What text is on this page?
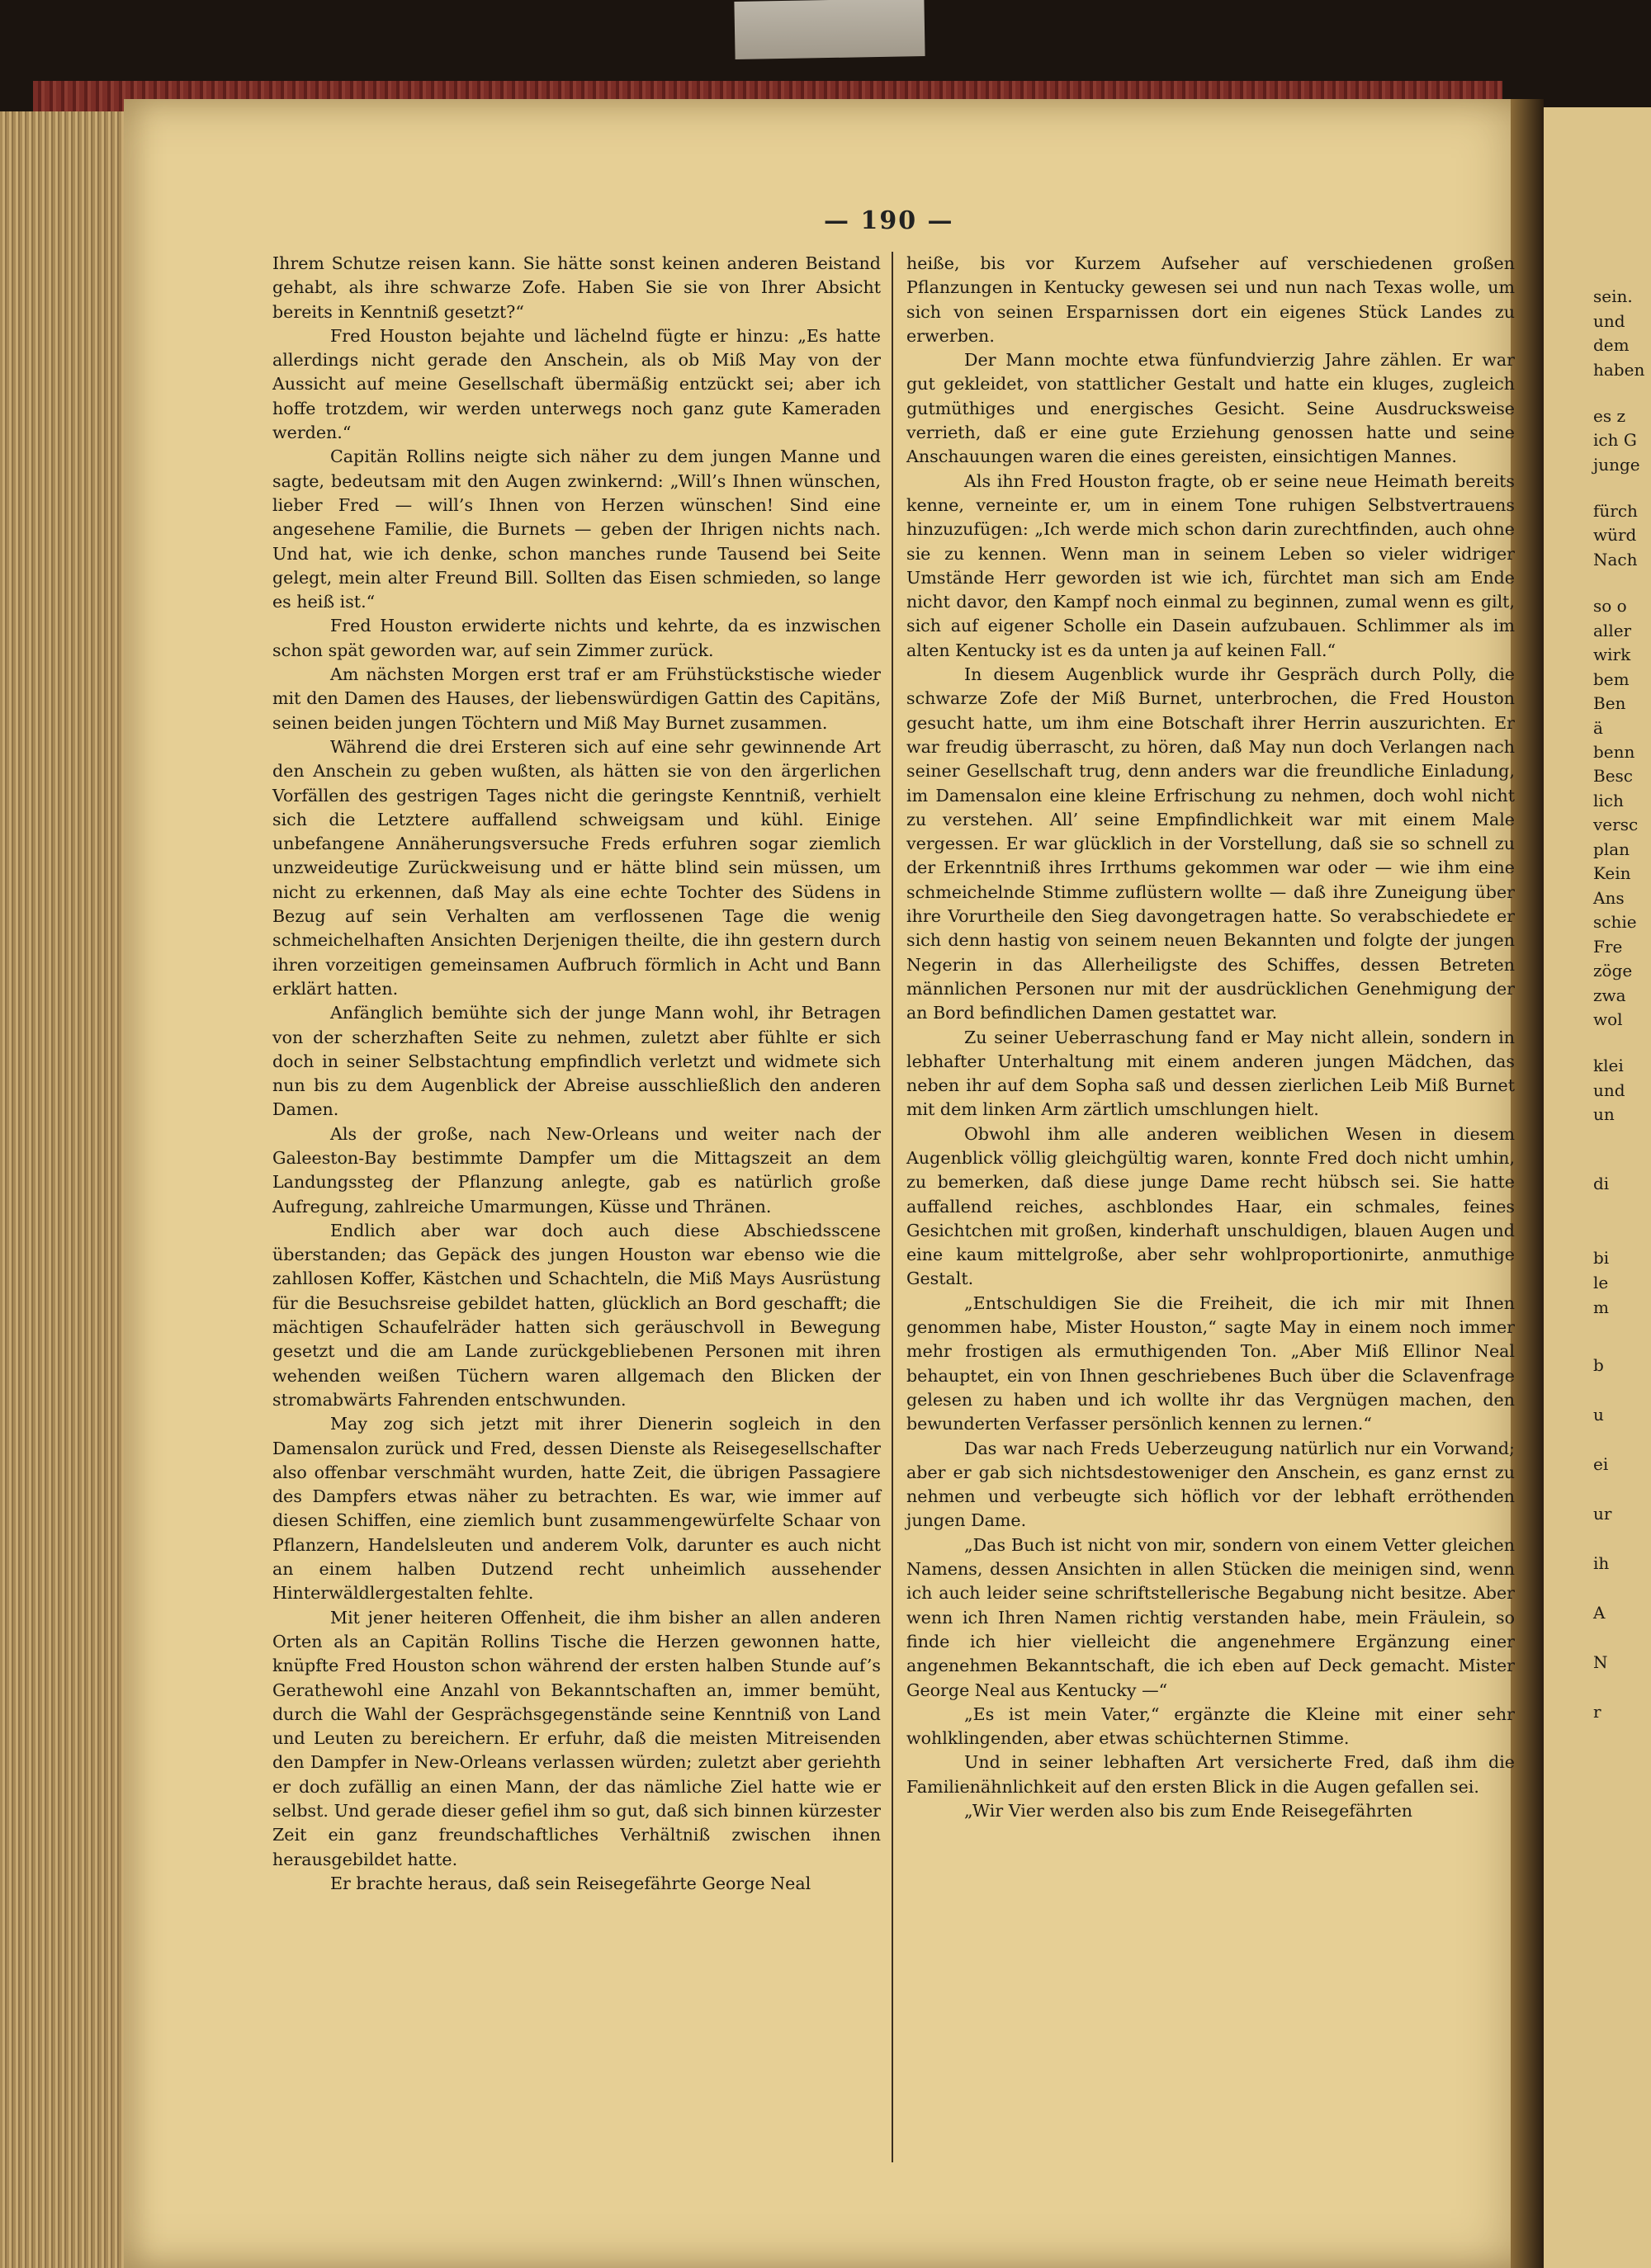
— 190 —

Ihrem Schutze reisen kann. Sie hätte sonst keinen anderen Beistand gehabt, als ihre schwarze Zofe. Haben Sie sie von Ihrer Absicht bereits in Kenntniß gesetzt?“

Fred Houston bejahte und lächelnd fügte er hinzu: „Es hatte allerdings nicht gerade den Anschein, als ob Miß May von der Aussicht auf meine Gesellschaft übermäßig entzückt sei; aber ich hoffe trotzdem, wir werden unterwegs noch ganz gute Kameraden werden.“

Capitän Rollins neigte sich näher zu dem jungen Manne und sagte, bedeutsam mit den Augen zwinkernd: „Will’s Ihnen wünschen, lieber Fred — will’s Ihnen von Herzen wünschen! Sind eine angesehene Familie, die Burnets — geben der Ihrigen nichts nach. Und hat, wie ich denke, schon manches runde Tausend bei Seite gelegt, mein alter Freund Bill. Sollten das Eisen schmieden, so lange es heiß ist.“

Fred Houston erwiderte nichts und kehrte, da es inzwischen schon spät geworden war, auf sein Zimmer zurück.

Am nächsten Morgen erst traf er am Frühstückstische wieder mit den Damen des Hauses, der liebenswürdigen Gattin des Capitäns, seinen beiden jungen Töchtern und Miß May Burnet zusammen.

Während die drei Ersteren sich auf eine sehr gewinnende Art den Anschein zu geben wußten, als hätten sie von den ärgerlichen Vorfällen des gestrigen Tages nicht die geringste Kenntniß, verhielt sich die Letztere auffallend schweigsam und kühl. Einige unbefangene Annäherungsversuche Freds erfuhren sogar ziemlich unzweideutige Zurückweisung und er hätte blind sein müssen, um nicht zu erkennen, daß May als eine echte Tochter des Südens in Bezug auf sein Verhalten am verflossenen Tage die wenig schmeichelhaften Ansichten Derjenigen theilte, die ihn gestern durch ihren vorzeitigen gemeinsamen Aufbruch förmlich in Acht und Bann erklärt hatten.

Anfänglich bemühte sich der junge Mann wohl, ihr Betragen von der scherzhaften Seite zu nehmen, zuletzt aber fühlte er sich doch in seiner Selbstachtung empfindlich verletzt und widmete sich nun bis zu dem Augenblick der Abreise ausschließlich den anderen Damen.

Als der große, nach New-Orleans und weiter nach der Galeeston-Bay bestimmte Dampfer um die Mittagszeit an dem Landungssteg der Pflanzung anlegte, gab es natürlich große Aufregung, zahlreiche Umarmungen, Küsse und Thränen.

Endlich aber war doch auch diese Abschiedsscene überstanden; das Gepäck des jungen Houston war ebenso wie die zahllosen Koffer, Kästchen und Schachteln, die Miß Mays Ausrüstung für die Besuchsreise gebildet hatten, glücklich an Bord geschafft; die mächtigen Schaufelräder hatten sich geräuschvoll in Bewegung gesetzt und die am Lande zurückgebliebenen Personen mit ihren wehenden weißen Tüchern waren allgemach den Blicken der stromabwärts Fahrenden entschwunden.

May zog sich jetzt mit ihrer Dienerin sogleich in den Damensalon zurück und Fred, dessen Dienste als Reisegesellschafter also offenbar verschmäht wurden, hatte Zeit, die übrigen Passagiere des Dampfers etwas näher zu betrachten. Es war, wie immer auf diesen Schiffen, eine ziemlich bunt zusammengewürfelte Schaar von Pflanzern, Handelsleuten und anderem Volk, darunter es auch nicht an einem halben Dutzend recht unheimlich aussehender Hinterwäldlergestalten fehlte.

Mit jener heiteren Offenheit, die ihm bisher an allen anderen Orten als an Capitän Rollins Tische die Herzen gewonnen hatte, knüpfte Fred Houston schon während der ersten halben Stunde auf’s Gerathewohl eine Anzahl von Bekanntschaften an, immer bemüht, durch die Wahl der Gesprächsgegenstände seine Kenntniß von Land und Leuten zu bereichern. Er erfuhr, daß die meisten Mitreisenden den Dampfer in New-Orleans verlassen würden; zuletzt aber geriehth er doch zufällig an einen Mann, der das nämliche Ziel hatte wie er selbst. Und gerade dieser gefiel ihm so gut, daß sich binnen kürzester Zeit ein ganz freundschaftliches Verhältniß zwischen ihnen herausgebildet hatte.

Er brachte heraus, daß sein Reisegefährte George Neal

heiße, bis vor Kurzem Aufseher auf verschiedenen großen Pflanzungen in Kentucky gewesen sei und nun nach Texas wolle, um sich von seinen Ersparnissen dort ein eigenes Stück Landes zu erwerben.

Der Mann mochte etwa fünfundvierzig Jahre zählen. Er war gut gekleidet, von stattlicher Gestalt und hatte ein kluges, zugleich gutmüthiges und energisches Gesicht. Seine Ausdrucksweise verrieth, daß er eine gute Erziehung genossen hatte und seine Anschauungen waren die eines gereisten, einsichtigen Mannes.

Als ihn Fred Houston fragte, ob er seine neue Heimath bereits kenne, verneinte er, um in einem Tone ruhigen Selbstvertrauens hinzuzufügen: „Ich werde mich schon darin zurechtfinden, auch ohne sie zu kennen. Wenn man in seinem Leben so vieler widriger Umstände Herr geworden ist wie ich, fürchtet man sich am Ende nicht davor, den Kampf noch einmal zu beginnen, zumal wenn es gilt, sich auf eigener Scholle ein Dasein aufzubauen. Schlimmer als im alten Kentucky ist es da unten ja auf keinen Fall.“

In diesem Augenblick wurde ihr Gespräch durch Polly, die schwarze Zofe der Miß Burnet, unterbrochen, die Fred Houston gesucht hatte, um ihm eine Botschaft ihrer Herrin auszurichten. Er war freudig überrascht, zu hören, daß May nun doch Verlangen nach seiner Gesellschaft trug, denn anders war die freundliche Einladung, im Damensalon eine kleine Erfrischung zu nehmen, doch wohl nicht zu verstehen. All’ seine Empfindlichkeit war mit einem Male vergessen. Er war glücklich in der Vorstellung, daß sie so schnell zu der Erkenntniß ihres Irrthums gekommen war oder — wie ihm eine schmeichelnde Stimme zuflüstern wollte — daß ihre Zuneigung über ihre Vorurtheile den Sieg davongetragen hatte. So verabschiedete er sich denn hastig von seinem neuen Bekannten und folgte der jungen Negerin in das Allerheiligste des Schiffes, dessen Betreten männlichen Personen nur mit der ausdrücklichen Genehmigung der an Bord befindlichen Damen gestattet war.

Zu seiner Ueberraschung fand er May nicht allein, sondern in lebhafter Unterhaltung mit einem anderen jungen Mädchen, das neben ihr auf dem Sopha saß und dessen zierlichen Leib Miß Burnet mit dem linken Arm zärtlich umschlungen hielt.

Obwohl ihm alle anderen weiblichen Wesen in diesem Augenblick völlig gleichgültig waren, konnte Fred doch nicht umhin, zu bemerken, daß diese junge Dame recht hübsch sei. Sie hatte auffallend reiches, aschblondes Haar, ein schmales, feines Gesichtchen mit großen, kinderhaft unschuldigen, blauen Augen und eine kaum mittelgroße, aber sehr wohlproportionirte, anmuthige Gestalt.

„Entschuldigen Sie die Freiheit, die ich mir mit Ihnen genommen habe, Mister Houston,“ sagte May in einem noch immer mehr frostigen als ermuthigenden Ton. „Aber Miß Ellinor Neal behauptet, ein von Ihnen geschriebenes Buch über die Sclavenfrage gelesen zu haben und ich wollte ihr das Vergnügen machen, den bewunderten Verfasser persönlich kennen zu lernen.“

Das war nach Freds Ueberzeugung natürlich nur ein Vorwand; aber er gab sich nichtsdestoweniger den Anschein, es ganz ernst zu nehmen und verbeugte sich höflich vor der lebhaft erröthenden jungen Dame.

„Das Buch ist nicht von mir, sondern von einem Vetter gleichen Namens, dessen Ansichten in allen Stücken die meinigen sind, wenn ich auch leider seine schriftstellerische Begabung nicht besitze. Aber wenn ich Ihren Namen richtig verstanden habe, mein Fräulein, so finde ich hier vielleicht die angenehmere Ergänzung einer angenehmen Bekanntschaft, die ich eben auf Deck gemacht. Mister George Neal aus Kentucky —“

„Es ist mein Vater,“ ergänzte die Kleine mit einer sehr wohlklingenden, aber etwas schüchternen Stimme.

Und in seiner lebhaften Art versicherte Fred, daß ihm die Familienähnlichkeit auf den ersten Blick in die Augen gefallen sei.

„Wir Vier werden also bis zum Ende Reisegefährten

sein.
und
dem
haben
es z
ich G
junge
fürch
würd
Nach
so o
aller
wirk
bem
Ben
ä
benn
Besc
lich
versc
plan
Kein
Ans
schie
Fre
zöge
zwa
wol
klei
und
un
di
bi
le
m
b
u
ei
ur
ih
A
N
r
